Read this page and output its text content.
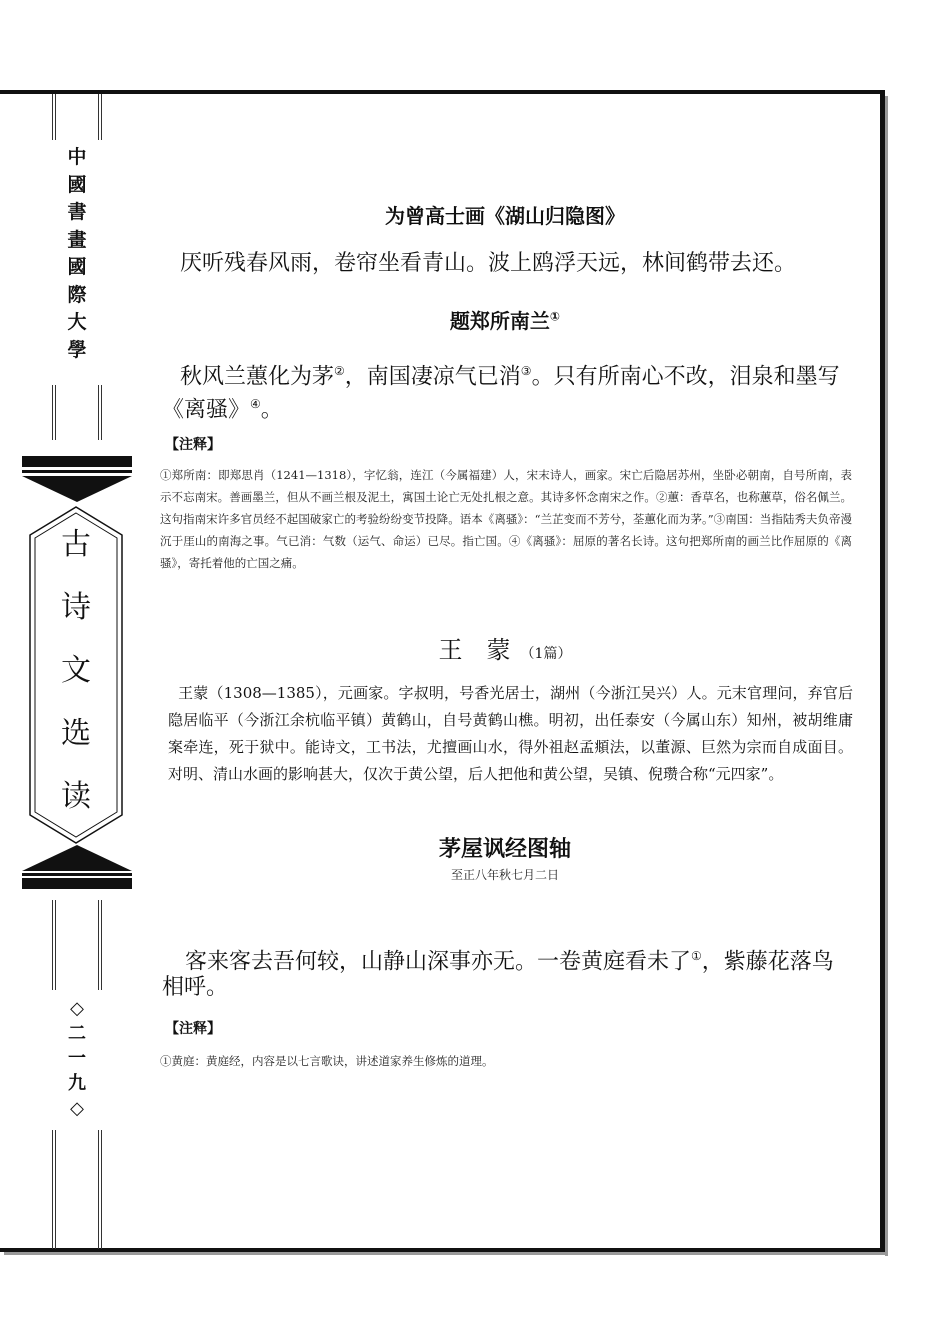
中
國
書
畫
國
際
大
學
古
诗
文
选
读
◇
二
一
九
◇
为曾高士画《湖山归隐图》
厌听残春风雨，卷帘坐看青山。波上鸥浮天远，林间鹤带去还。
题郑所南兰①
秋风兰蕙化为茅②，南国凄凉气已消③。只有所南心不改，泪泉和墨写
《离骚》④。
【注释】
①郑所南：即郑思肖（1241—1318），字忆翁，连江（今属福建）人，宋末诗人，画家。宋亡后隐居苏州，坐卧必朝南，自号所南，表示不忘南宋。善画墨兰，但从不画兰根及泥土，寓国土论亡无处扎根之意。其诗多怀念南宋之作。②蕙：香草名，也称蕙草，俗名佩兰。这句指南宋许多官员经不起国破家亡的考验纷纷变节投降。语本《离骚》：“兰芷变而不芳兮，荃蕙化而为茅。”③南国：当指陆秀夫负帝漫沉于厓山的南海之事。气已消：气数（运气、命运）已尽。指亡国。④《离骚》：屈原的著名长诗。这句把郑所南的画兰比作屈原的《离骚》，寄托着他的亡国之痛。
王　蒙 （1篇）
王蒙（1308—1385），元画家。字叔明，号香光居士，湖州（今浙江吴兴）人。元末官理问，弃官后隐居临平（今浙江余杭临平镇）黄鹤山，自号黄鹤山樵。明初，出任泰安（今属山东）知州，被胡维庸案牵连，死于狱中。能诗文，工书法，尤擅画山水，得外祖赵孟頫法，以董源、巨然为宗而自成面目。对明、清山水画的影响甚大，仅次于黄公望，后人把他和黄公望，吴镇、倪瓒合称“元四家”。
茅屋讽经图轴
至正八年秋七月二日
客来客去吾何较，山静山深事亦无。一卷黄庭看未了①，紫藤花落鸟
相呼。
【注释】
①黄庭：黄庭经，内容是以七言歌诀，讲述道家养生修炼的道理。
